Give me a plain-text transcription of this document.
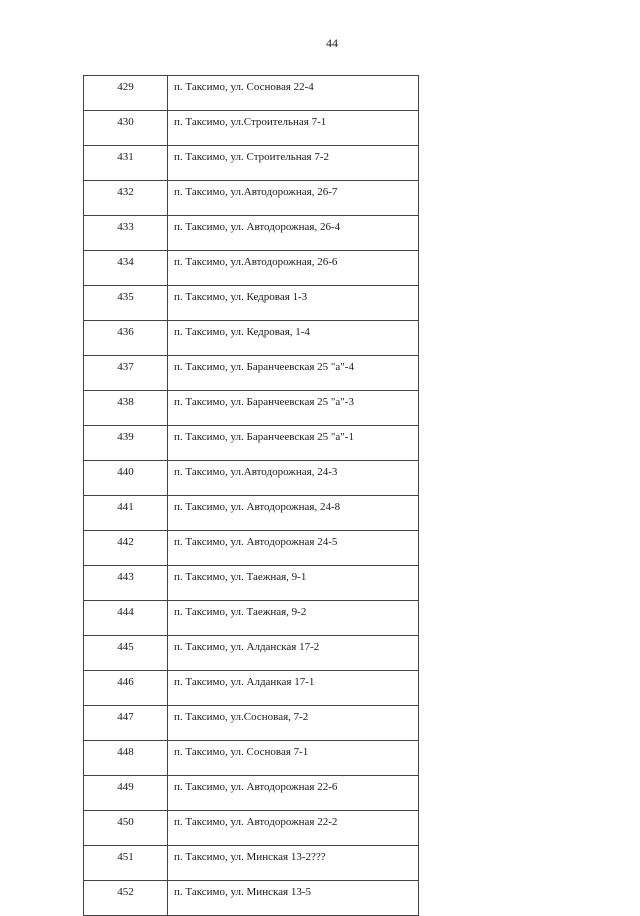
44
429	п. Таксимо, ул. Сосновая 22-4
430	п. Таксимо, ул.Строительная 7-1
431	п. Таксимо, ул. Строительная 7-2
432	п. Таксимо, ул.Автодорожная, 26-7
433	п. Таксимо, ул. Автодорожная, 26-4
434	п. Таксимо, ул.Автодорожная, 26-6
435	п. Таксимо, ул. Кедровая 1-3
436	п. Таксимо, ул. Кедровая, 1-4
437	п. Таксимо, ул. Баранчеевская 25 "а"-4
438	п. Таксимо, ул. Баранчеевская 25 "а"-3
439	п. Таксимо, ул. Баранчеевская 25 "а"-1
440	п. Таксимо, ул.Автодорожная, 24-3
441	п. Таксимо, ул. Автодорожная, 24-8
442	п. Таксимо, ул. Автодорожная 24-5
443	п. Таксимо, ул. Таежная, 9-1
444	п. Таксимо, ул. Таежная, 9-2
445	п. Таксимо, ул. Алданская 17-2
446	п. Таксимо, ул. Алданкая 17-1
447	п. Таксимо, ул.Сосновая, 7-2
448	п. Таксимо, ул. Сосновая 7-1
449	п. Таксимо, ул. Автодорожная 22-6
450	п. Таксимо, ул. Автодорожная 22-2
451	п. Таксимо, ул. Минская 13-2???
452	п. Таксимо, ул. Минская 13-5
